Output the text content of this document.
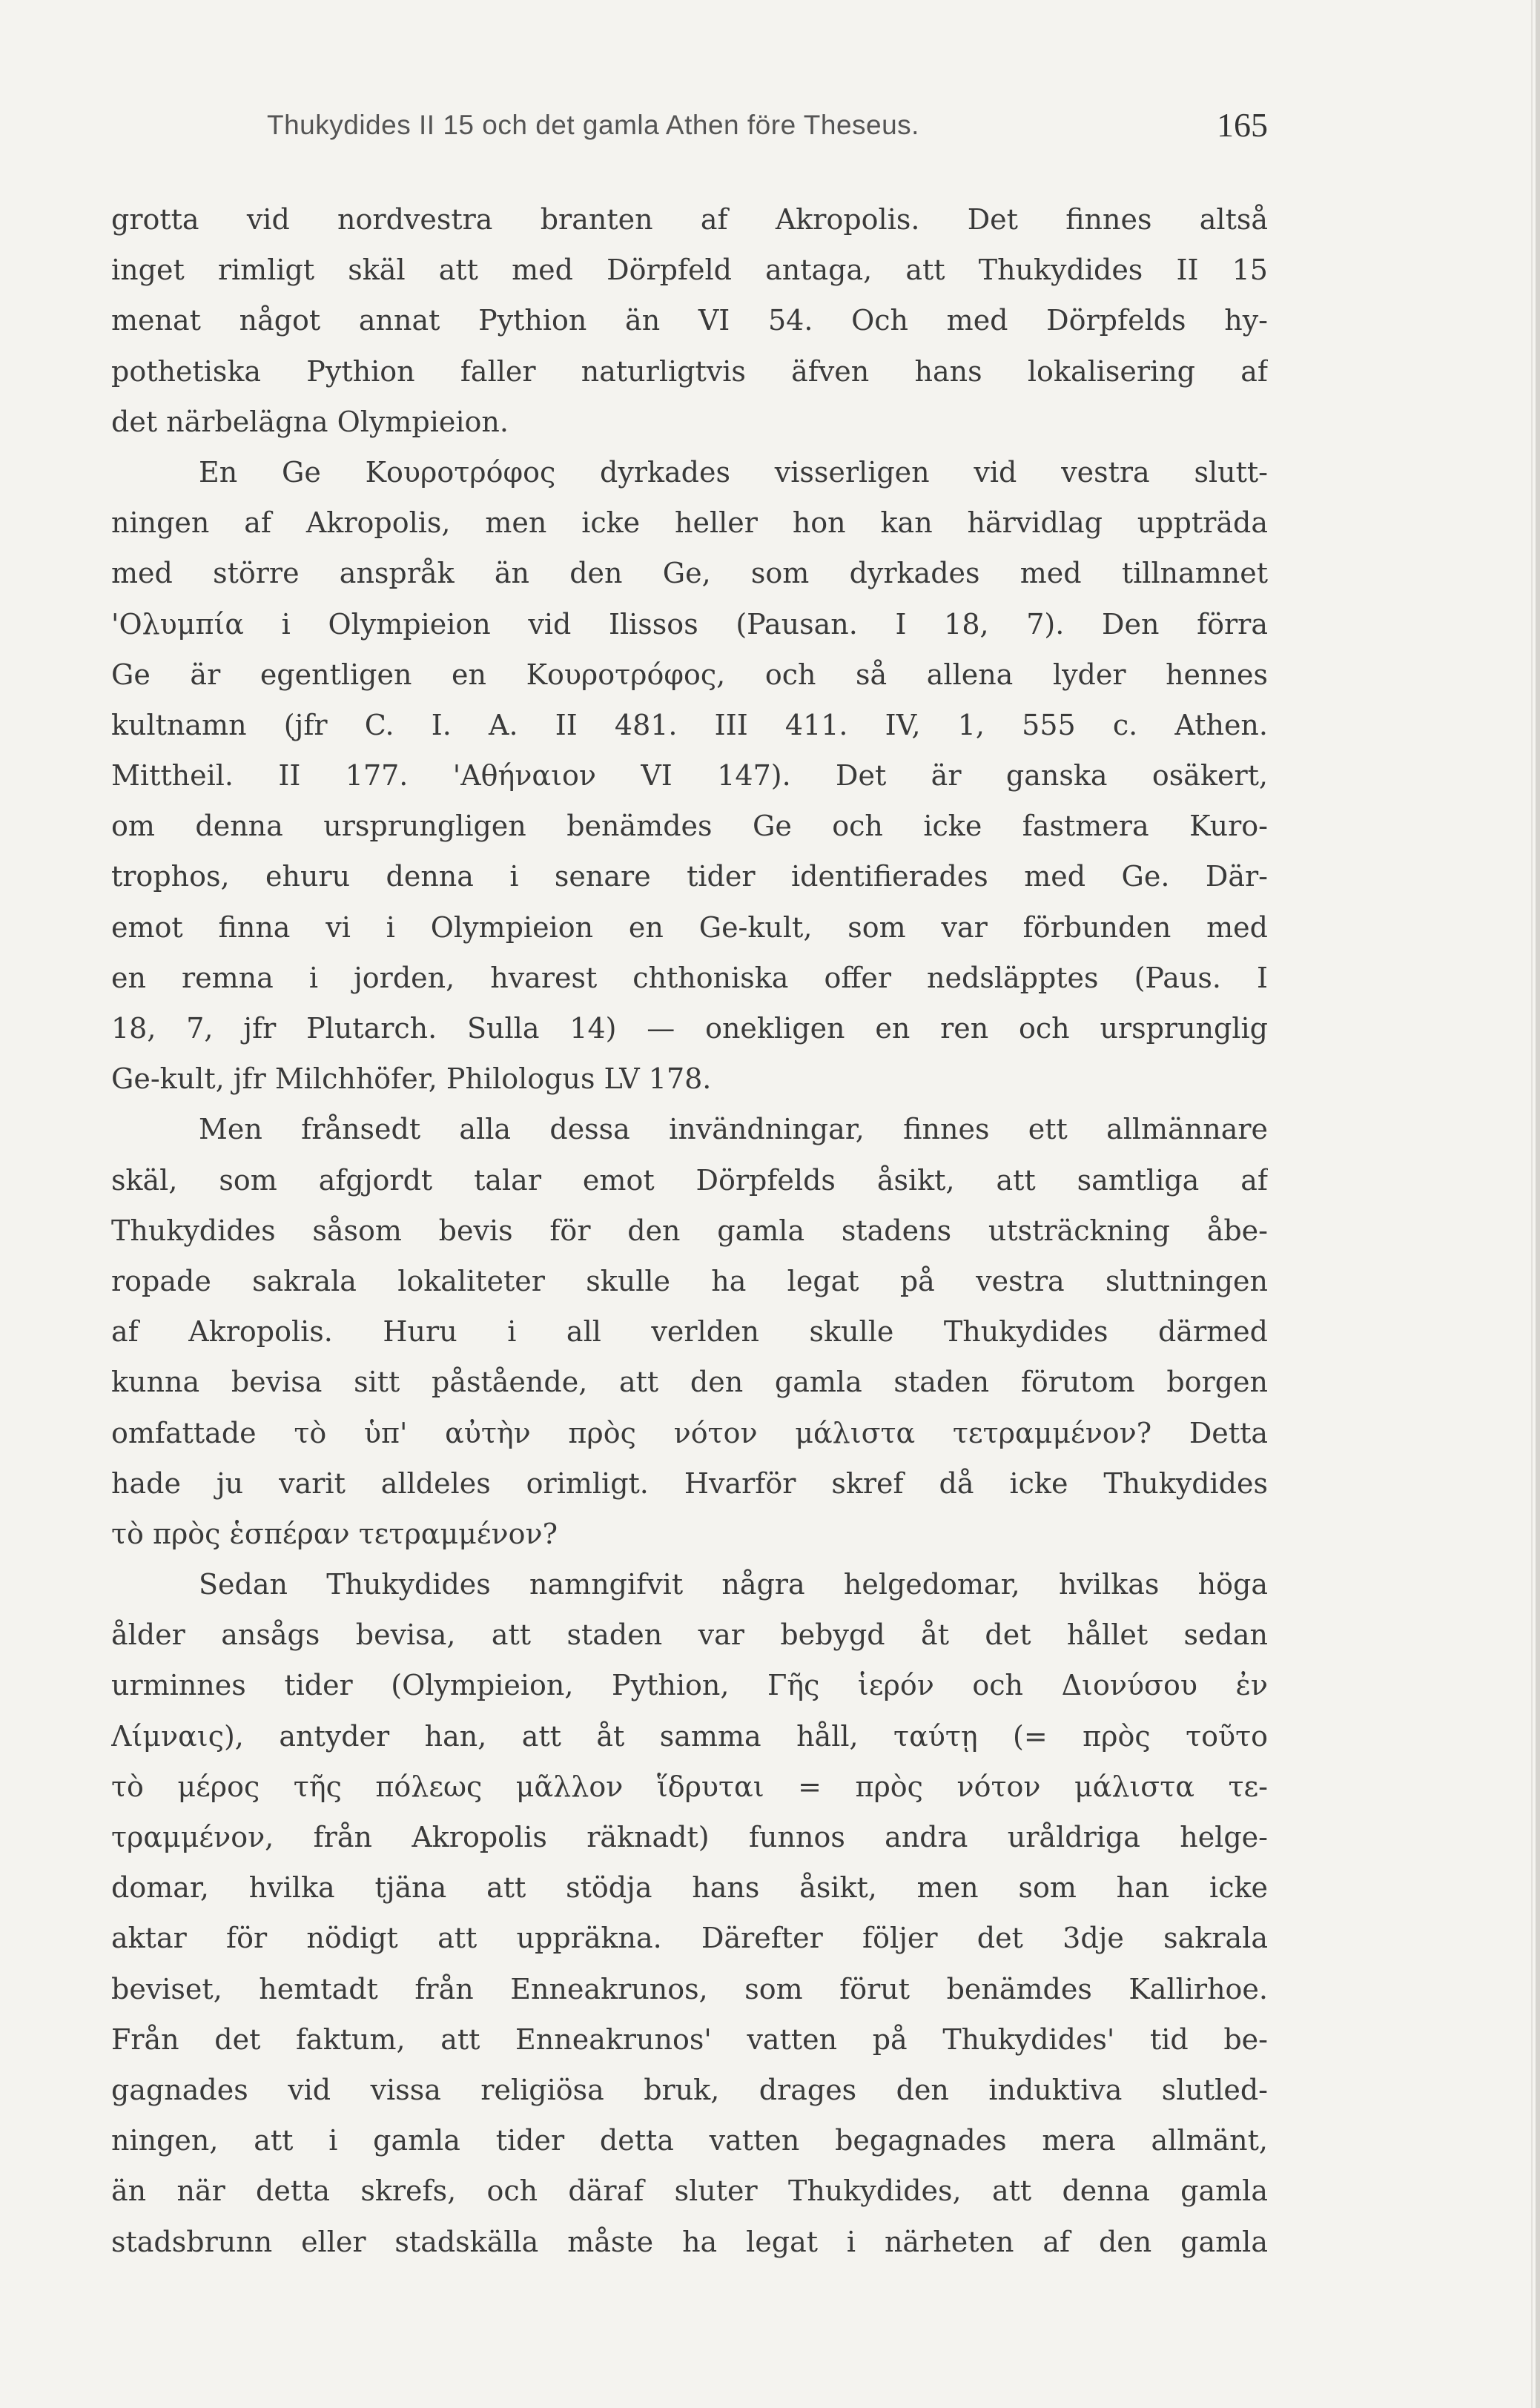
Thukydides II 15 och det gamla Athen före Theseus.	165
grotta vid nordvestra branten af Akropolis. Det finnes altså
inget rimligt skäl att med Dörpfeld antaga, att Thukydides II 15
menat något annat Pythion än VI 54. Och med Dörpfelds hy-
pothetiska Pythion faller naturligtvis äfven hans lokalisering af
det närbelägna Olympieion.
En Ge Κουροτρόφος dyrkades visserligen vid vestra slutt-
ningen af Akropolis, men icke heller hon kan härvidlag uppträda
med större anspråk än den Ge, som dyrkades med tillnamnet
'Ολυμπία i Olympieion vid Ilissos (Pausan. I 18, 7). Den förra
Ge är egentligen en Κουροτρόφος, och så allena lyder hennes
kultnamn (jfr C. I. A. II 481. III 411. IV, 1, 555 c. Athen.
Mittheil. II 177. 'Αθήναιον VI 147). Det är ganska osäkert,
om denna ursprungligen benämdes Ge och icke fastmera Kuro-
trophos, ehuru denna i senare tider identifierades med Ge. Där-
emot finna vi i Olympieion en Ge-kult, som var förbunden med
en remna i jorden, hvarest chthoniska offer nedsläpptes (Paus. I
18, 7, jfr Plutarch. Sulla 14) — onekligen en ren och ursprunglig
Ge-kult, jfr Milchhöfer, Philologus LV 178.
Men frånsedt alla dessa invändningar, finnes ett allmännare
skäl, som afgjordt talar emot Dörpfelds åsikt, att samtliga af
Thukydides såsom bevis för den gamla stadens utsträckning åbe-
ropade sakrala lokaliteter skulle ha legat på vestra sluttningen
af Akropolis. Huru i all verlden skulle Thukydides därmed
kunna bevisa sitt påstående, att den gamla staden förutom borgen
omfattade τὸ ὑπ' αὐτὴν πρὸς νότον μάλιστα τετραμμένον? Detta
hade ju varit alldeles orimligt. Hvarför skref då icke Thukydides
τὸ πρὸς ἑσπέραν τετραμμένον?
Sedan Thukydides namngifvit några helgedomar, hvilkas höga
ålder ansågs bevisa, att staden var bebygd åt det hållet sedan
urminnes tider (Olympieion, Pythion, Γῆς ἱερόν och Διονύσου ἐν
Λίμναις), antyder han, att åt samma håll, ταύτῃ (= πρὸς τοῦτο
τὸ μέρος τῆς πόλεως μᾶλλον ἵδρυται = πρὸς νότον μάλιστα τε-
τραμμένον, från Akropolis räknadt) funnos andra uråldriga helge-
domar, hvilka tjäna att stödja hans åsikt, men som han icke
aktar för nödigt att uppräkna. Därefter följer det 3dje sakrala
beviset, hemtadt från Enneakrunos, som förut benämdes Kallirhoe.
Från det faktum, att Enneakrunos' vatten på Thukydides' tid be-
gagnades vid vissa religiösa bruk, drages den induktiva slutled-
ningen, att i gamla tider detta vatten begagnades mera allmänt,
än när detta skrefs, och däraf sluter Thukydides, att denna gamla
stadsbrunn eller stadskälla måste ha legat i närheten af den gamla
